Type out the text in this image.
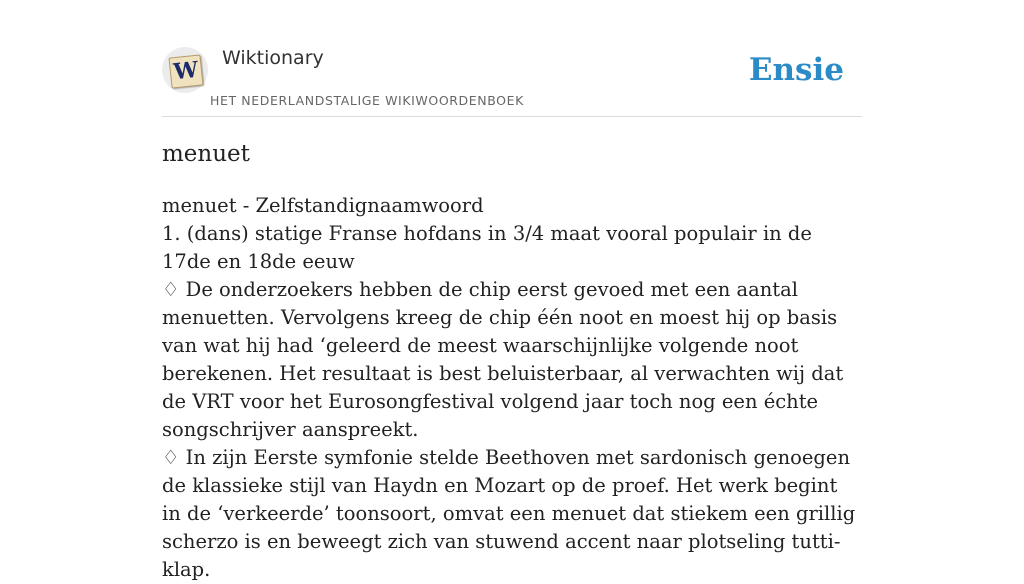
W Wiktionary
HET NEDERLANDSTALIGE WIKIWOORDENBOEK
Ensie
menuet
menuet - Zelfstandignaamwoord
1. (dans) statige Franse hofdans in 3/4 maat vooral populair in de 17de en 18de eeuw
♢ De onderzoekers hebben de chip eerst gevoed met een aantal menuetten. Vervolgens kreeg de chip één noot en moest hij op basis van wat hij had ‘geleerd de meest waarschijnlijke volgende noot berekenen. Het resultaat is best beluisterbaar, al verwachten wij dat de VRT voor het Eurosongfestival volgend jaar toch nog een échte songschrijver aanspreekt.
♢ In zijn Eerste symfonie stelde Beethoven met sardonisch genoegen de klassieke stijl van Haydn en Mozart op de proef. Het werk begint in de ‘verkeerde’ toonsoort, omvat een menuet dat stiekem een grillig scherzo is en beweegt zich van stuwend accent naar plotseling tutti-klap.
